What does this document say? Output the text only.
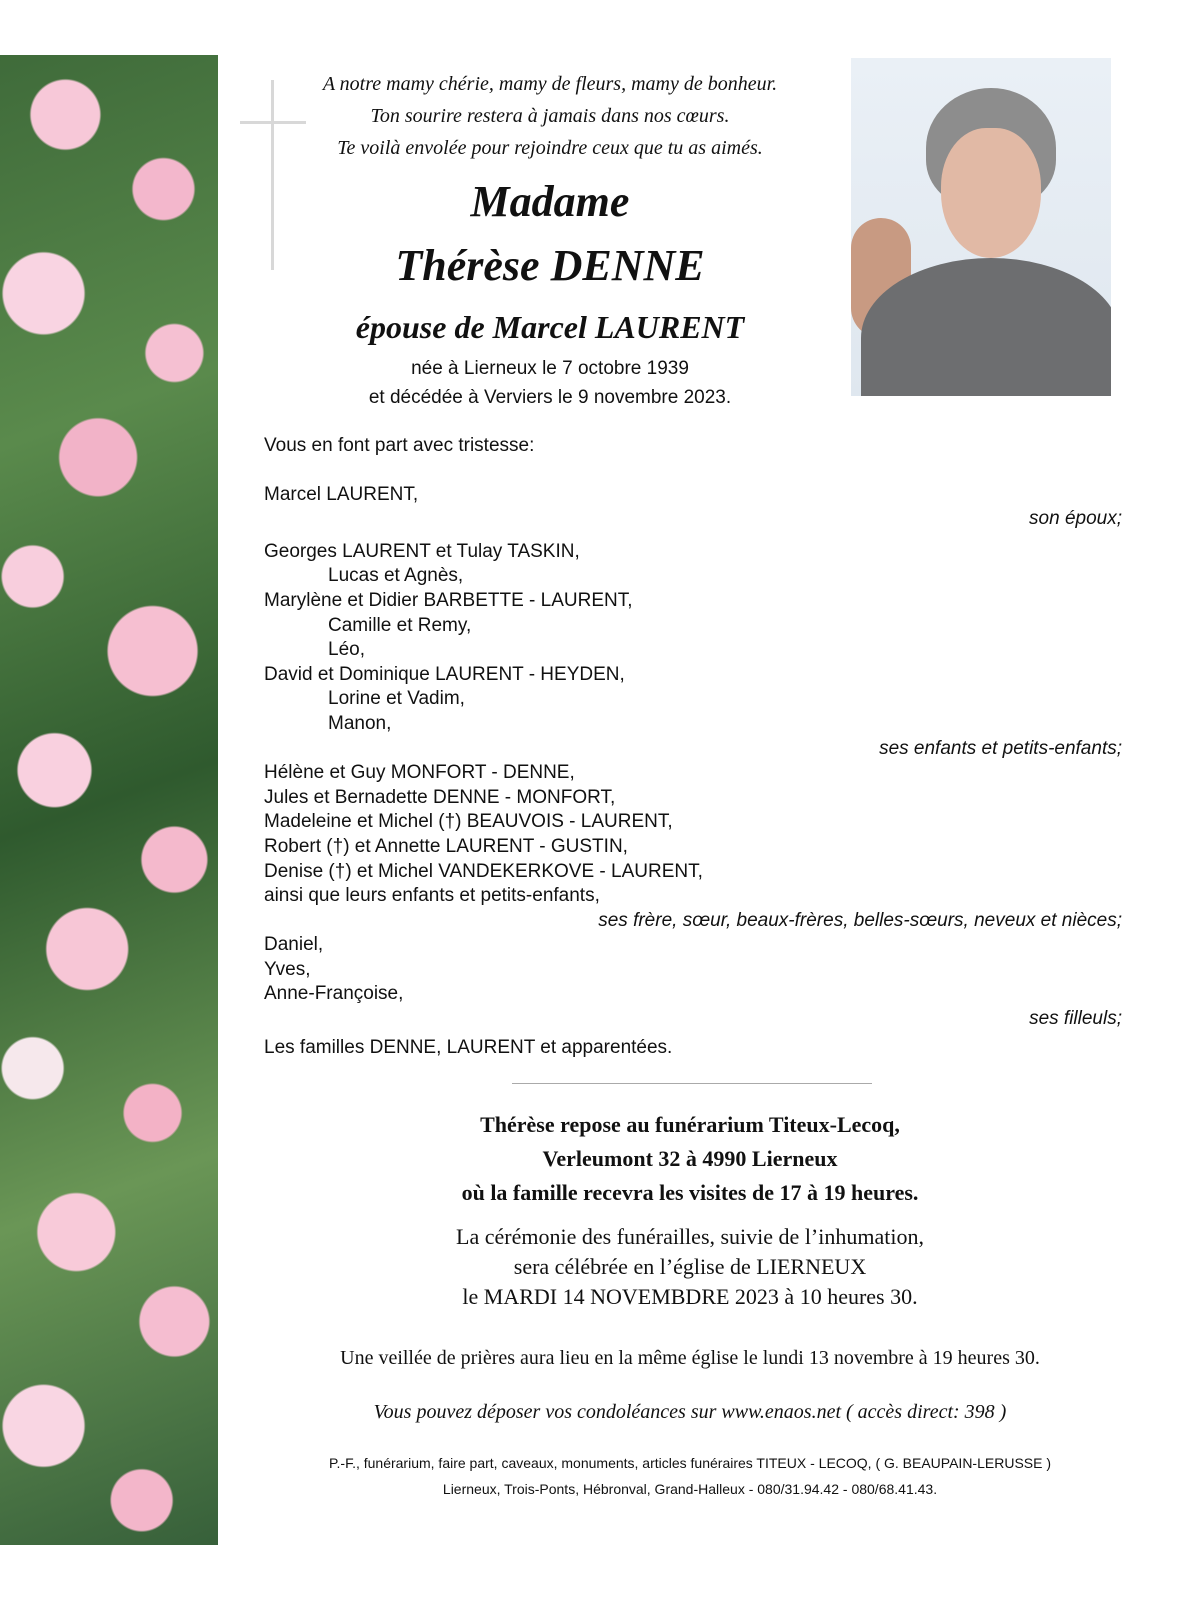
A notre mamy chérie, mamy de fleurs, mamy de bonheur.
Ton sourire restera à jamais dans nos cœurs.
Te voilà envolée pour rejoindre ceux que tu as aimés.
Madame
Thérèse DENNE
épouse de Marcel LAURENT
née à Lierneux le 7 octobre 1939
et décédée à Verviers le 9 novembre 2023.
Vous en font part avec tristesse:
Marcel LAURENT,
son époux;
Georges LAURENT et Tulay TASKIN,
Lucas et Agnès,
Marylène et Didier BARBETTE - LAURENT,
Camille et Remy,
Léo,
David et Dominique LAURENT - HEYDEN,
Lorine et Vadim,
Manon,
ses enfants et petits-enfants;
Hélène et Guy MONFORT - DENNE,
Jules et Bernadette DENNE - MONFORT,
Madeleine et Michel (†) BEAUVOIS - LAURENT,
Robert (†) et Annette LAURENT - GUSTIN,
Denise (†) et Michel VANDEKERKOVE - LAURENT,
ainsi que leurs enfants et petits-enfants,
ses frère, sœur, beaux-frères, belles-sœurs, neveux et nièces;
Daniel,
Yves,
Anne-Françoise,
ses filleuls;
Les familles DENNE, LAURENT et apparentées.
Thérèse repose au funérarium Titeux-Lecoq,
Verleumont 32 à 4990 Lierneux
où la famille recevra les visites de 17 à 19 heures.
La cérémonie des funérailles, suivie de l’inhumation,
sera célébrée en l’église de LIERNEUX
le MARDI 14 NOVEMBDRE 2023 à 10 heures 30.
Une veillée de prières aura lieu en la même église le lundi 13 novembre à 19 heures 30.
Vous pouvez déposer vos condoléances sur www.enaos.net ( accès direct: 398 )
P.-F., funérarium, faire part, caveaux, monuments, articles funéraires TITEUX - LECOQ, ( G. BEAUPAIN-LERUSSE )
Lierneux, Trois-Ponts, Hébronval, Grand-Halleux - 080/31.94.42 - 080/68.41.43.
